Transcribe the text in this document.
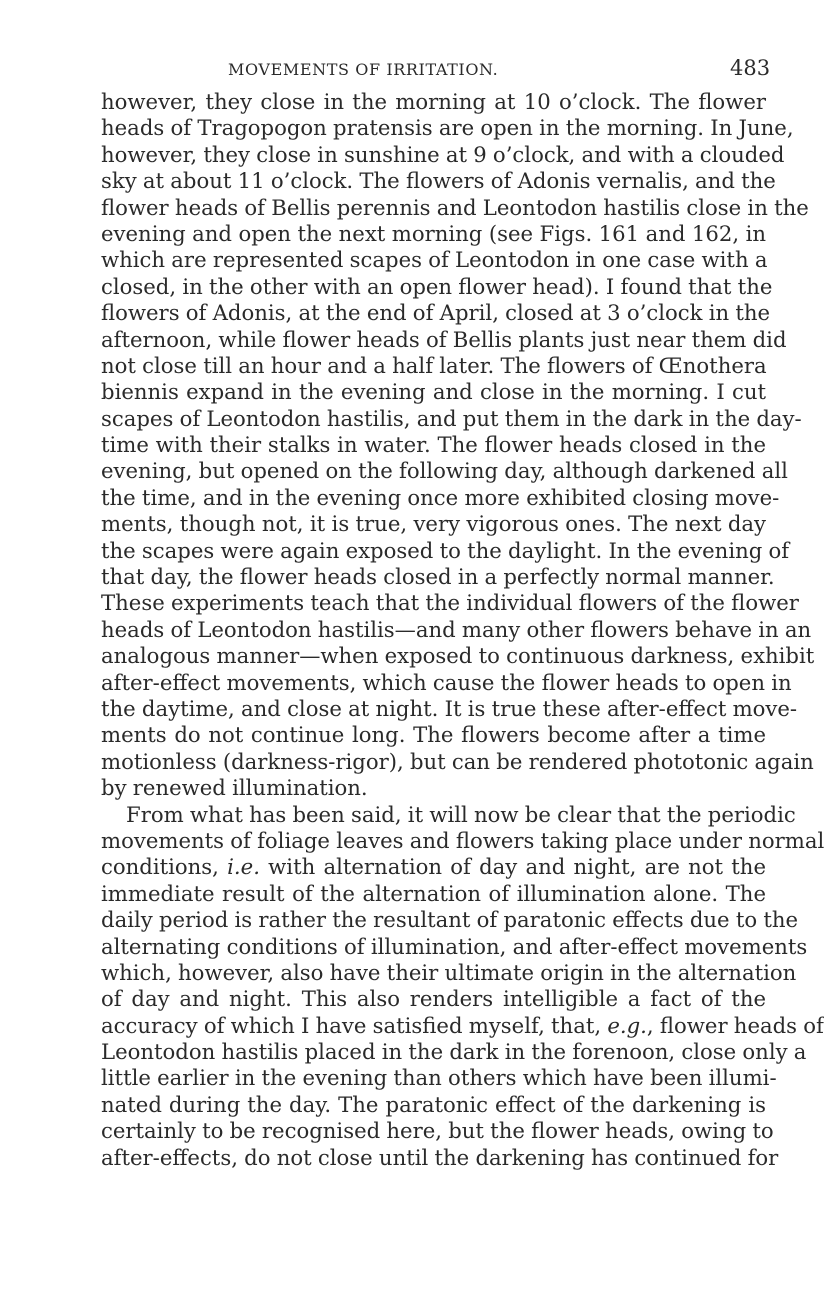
MOVEMENTS OF IRRITATION.	483
however, they close in the morning at 10 o’clock. The flower
heads of Tragopogon pratensis are open in the morning. In June,
however, they close in sunshine at 9 o’clock, and with a clouded
sky at about 11 o’clock. The flowers of Adonis vernalis, and the
flower heads of Bellis perennis and Leontodon hastilis close in the
evening and open the next morning (see Figs. 161 and 162, in
which are represented scapes of Leontodon in one case with a
closed, in the other with an open flower head). I found that the
flowers of Adonis, at the end of April, closed at 3 o’clock in the
afternoon, while flower heads of Bellis plants just near them did
not close till an hour and a half later. The flowers of Œnothera
biennis expand in the evening and close in the morning. I cut
scapes of Leontodon hastilis, and put them in the dark in the day-
time with their stalks in water. The flower heads closed in the
evening, but opened on the following day, although darkened all
the time, and in the evening once more exhibited closing move-
ments, though not, it is true, very vigorous ones. The next day
the scapes were again exposed to the daylight. In the evening of
that day, the flower heads closed in a perfectly normal manner.
These experiments teach that the individual flowers of the flower
heads of Leontodon hastilis—and many other flowers behave in an
analogous manner—when exposed to continuous darkness, exhibit
after-effect movements, which cause the flower heads to open in
the daytime, and close at night. It is true these after-effect move-
ments do not continue long. The flowers become after a time
motionless (darkness-rigor), but can be rendered phototonic again
by renewed illumination.
From what has been said, it will now be clear that the periodic
movements of foliage leaves and flowers taking place under normal
conditions, i.e. with alternation of day and night, are not the
immediate result of the alternation of illumination alone. The
daily period is rather the resultant of paratonic effects due to the
alternating conditions of illumination, and after-effect movements
which, however, also have their ultimate origin in the alternation
of day and night. This also renders intelligible a fact of the
accuracy of which I have satisfied myself, that, e.g., flower heads of
Leontodon hastilis placed in the dark in the forenoon, close only a
little earlier in the evening than others which have been illumi-
nated during the day. The paratonic effect of the darkening is
certainly to be recognised here, but the flower heads, owing to
after-effects, do not close until the darkening has continued for
